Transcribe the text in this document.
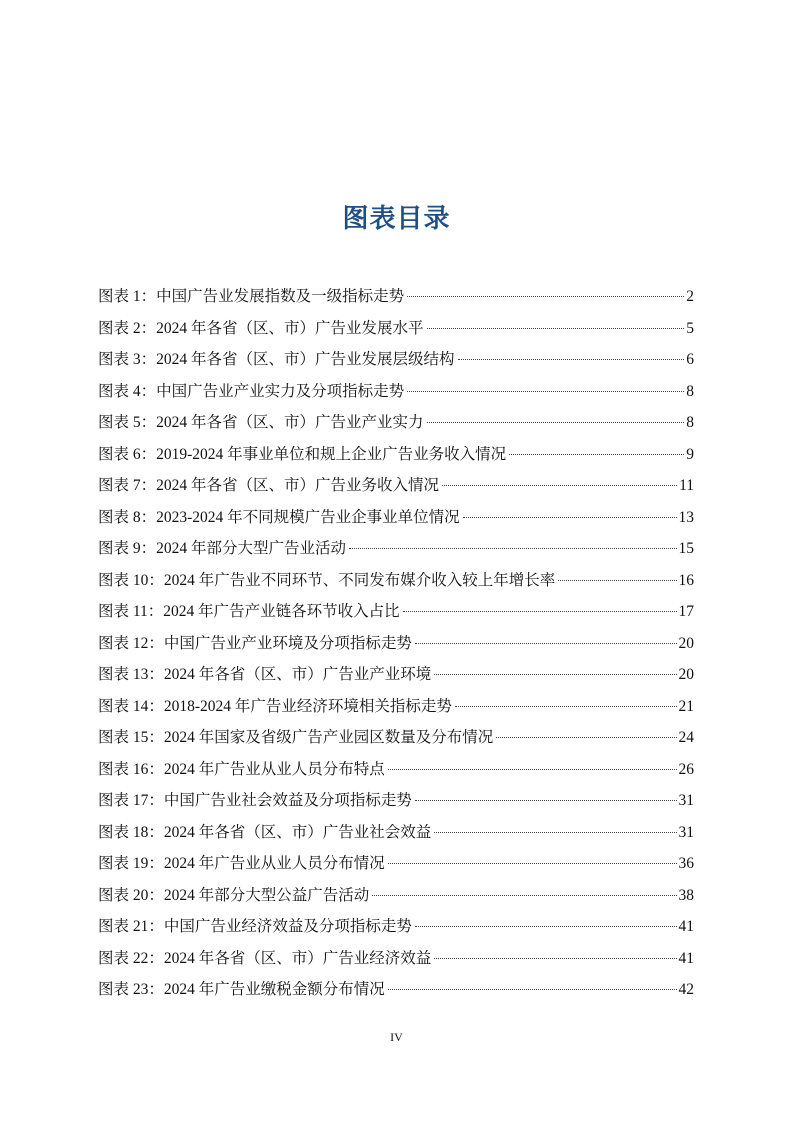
图表目录
图表 1：中国广告业发展指数及一级指标走势	2
图表 2：2024 年各省（区、市）广告业发展水平	5
图表 3：2024 年各省（区、市）广告业发展层级结构	6
图表 4：中国广告业产业实力及分项指标走势	8
图表 5：2024 年各省（区、市）广告业产业实力	8
图表 6：2019-2024 年事业单位和规上企业广告业务收入情况	9
图表 7：2024 年各省（区、市）广告业务收入情况	11
图表 8：2023-2024 年不同规模广告业企事业单位情况	13
图表 9：2024 年部分大型广告业活动	15
图表 10：2024 年广告业不同环节、不同发布媒介收入较上年增长率	16
图表 11：2024 年广告产业链各环节收入占比	17
图表 12：中国广告业产业环境及分项指标走势	20
图表 13：2024 年各省（区、市）广告业产业环境	20
图表 14：2018-2024 年广告业经济环境相关指标走势	21
图表 15：2024 年国家及省级广告产业园区数量及分布情况	24
图表 16：2024 年广告业从业人员分布特点	26
图表 17：中国广告业社会效益及分项指标走势	31
图表 18：2024 年各省（区、市）广告业社会效益	31
图表 19：2024 年广告业从业人员分布情况	36
图表 20：2024 年部分大型公益广告活动	38
图表 21：中国广告业经济效益及分项指标走势	41
图表 22：2024 年各省（区、市）广告业经济效益	41
图表 23：2024 年广告业缴税金额分布情况	42
IV
